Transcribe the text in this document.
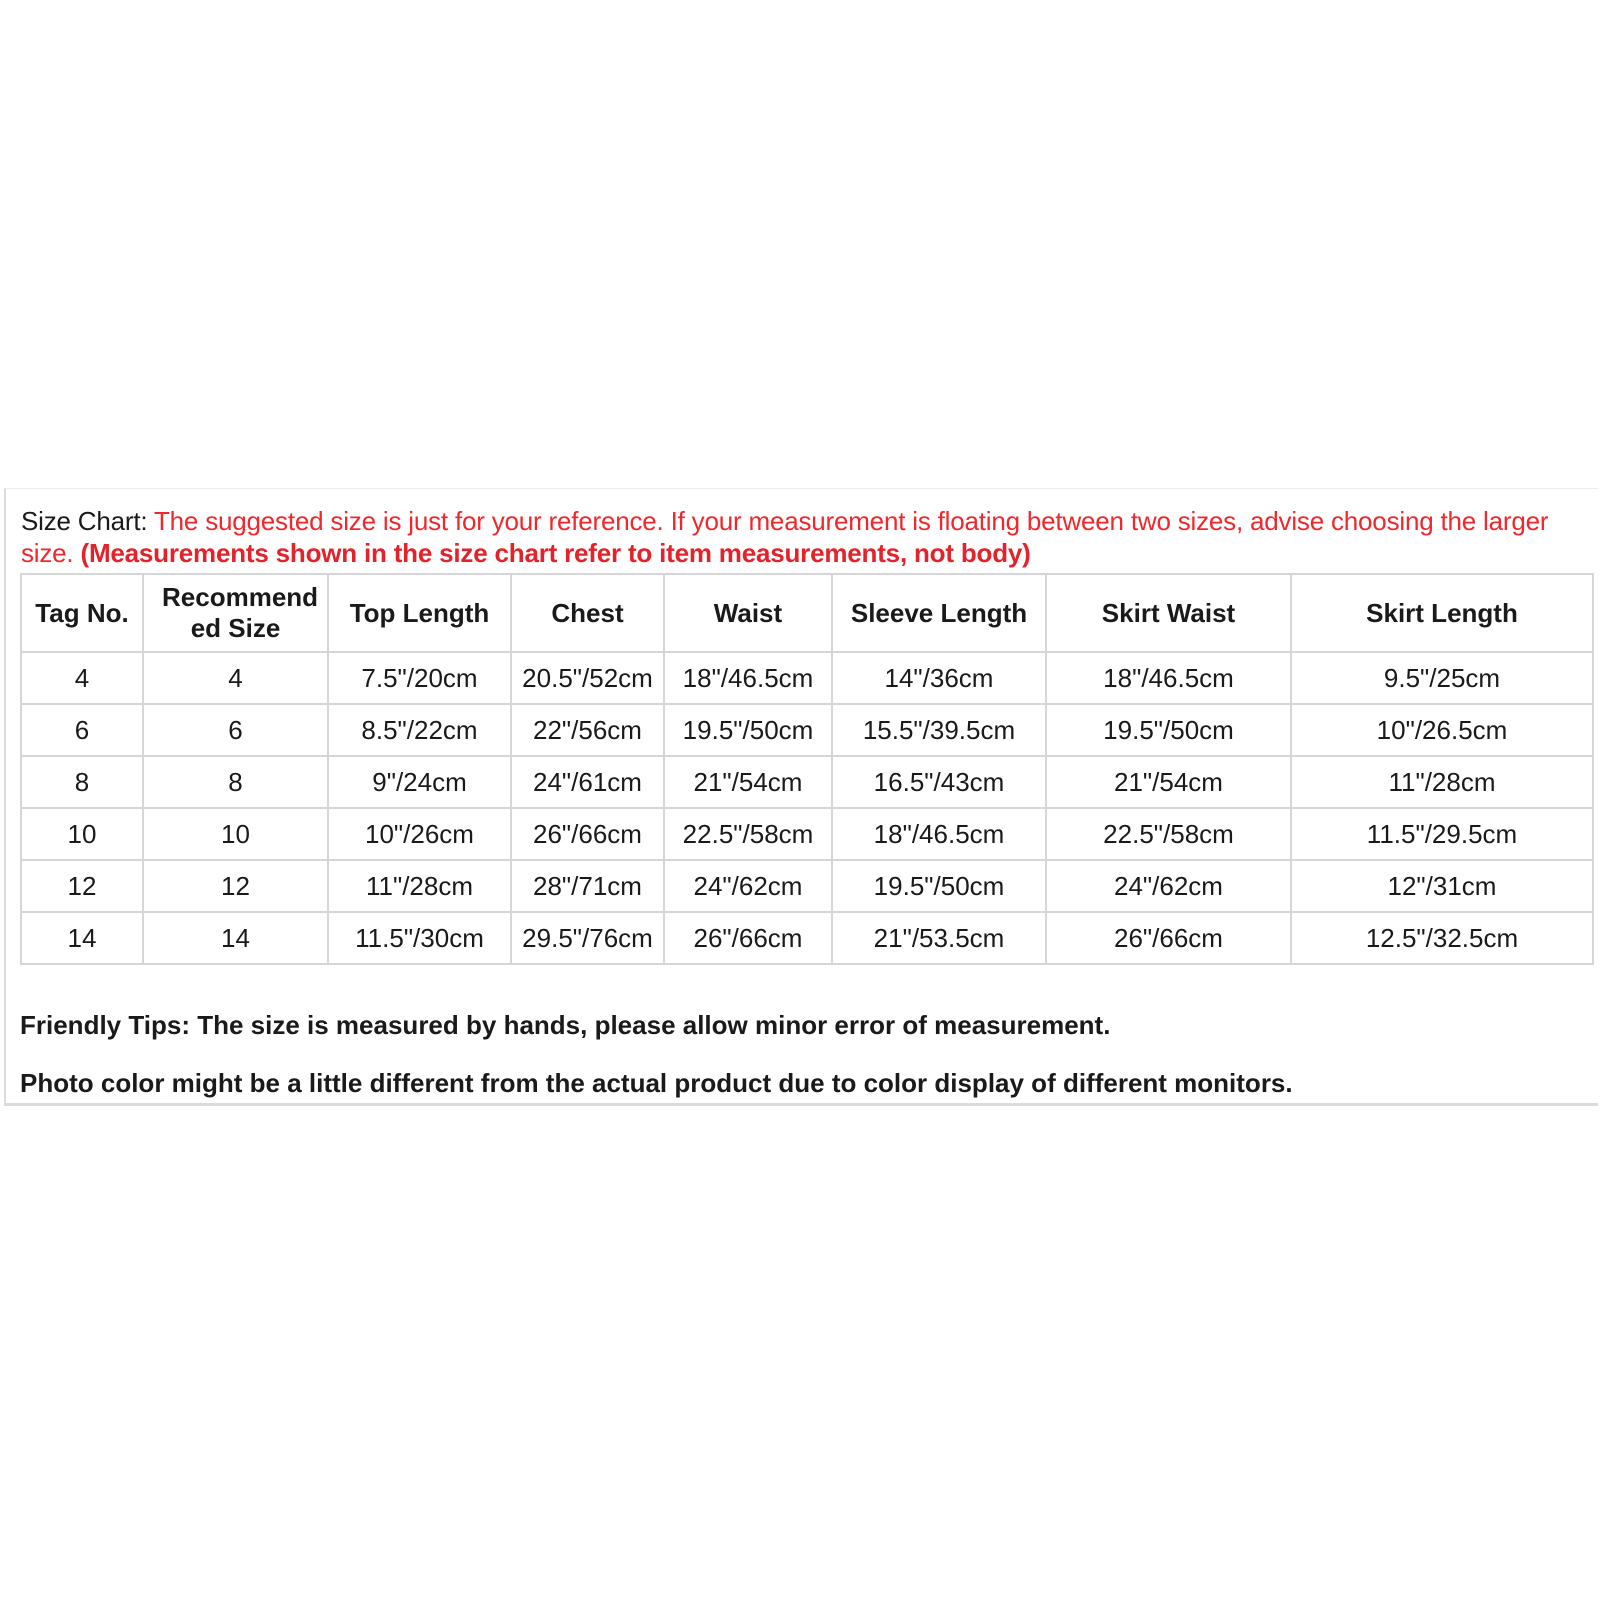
Size Chart: The suggested size is just for your reference. If your measurement is floating between two sizes, advise choosing the larger size. (Measurements shown in the size chart refer to item measurements, not body)
Tag No.	Recommend ed Size	Top Length	Chest	Waist	Sleeve Length	Skirt Waist	Skirt Length
4	4	7.5"/20cm	20.5"/52cm	18"/46.5cm	14"/36cm	18"/46.5cm	9.5"/25cm
6	6	8.5"/22cm	22"/56cm	19.5"/50cm	15.5"/39.5cm	19.5"/50cm	10"/26.5cm
8	8	9"/24cm	24"/61cm	21"/54cm	16.5"/43cm	21"/54cm	11"/28cm
10	10	10"/26cm	26"/66cm	22.5"/58cm	18"/46.5cm	22.5"/58cm	11.5"/29.5cm
12	12	11"/28cm	28"/71cm	24"/62cm	19.5"/50cm	24"/62cm	12"/31cm
14	14	11.5"/30cm	29.5"/76cm	26"/66cm	21"/53.5cm	26"/66cm	12.5"/32.5cm
Friendly Tips: The size is measured by hands, please allow minor error of measurement.
Photo color might be a little different from the actual product due to color display of different monitors.
